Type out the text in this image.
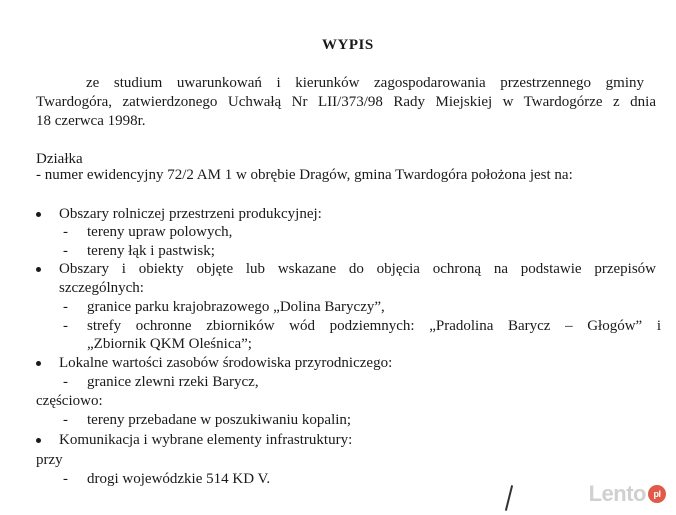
WYPIS
ze studium uwarunkowań i kierunków zagospodarowania przestrzennego gminy
Twardogóra, zatwierdzonego Uchwałą Nr LII/373/98 Rady Miejskiej w Twardogórze z dnia
18 czerwca 1998r.
Działka
- numer ewidencyjny 72/2 AM 1 w obrębie Dragów, gmina Twardogóra położona jest na:
Obszary rolniczej przestrzeni produkcyjnej:
- tereny upraw polowych,
- tereny łąk i pastwisk;
Obszary i obiekty objęte lub wskazane do objęcia ochroną na podstawie przepisów
szczególnych:
- granice parku krajobrazowego „Dolina Baryczy”,
- strefy ochronne zbiorników wód podziemnych: „Pradolina Barycz – Głogów” i
„Zbiornik QKM Oleśnica”;
Lokalne wartości zasobów środowiska przyrodniczego:
- granice zlewni rzeki Barycz,
częściowo:
- tereny przebadane w poszukiwaniu kopalin;
Komunikacja i wybrane elementy infrastruktury:
przy
- drogi wojewódzkie 514 KD V.
Lento pl
